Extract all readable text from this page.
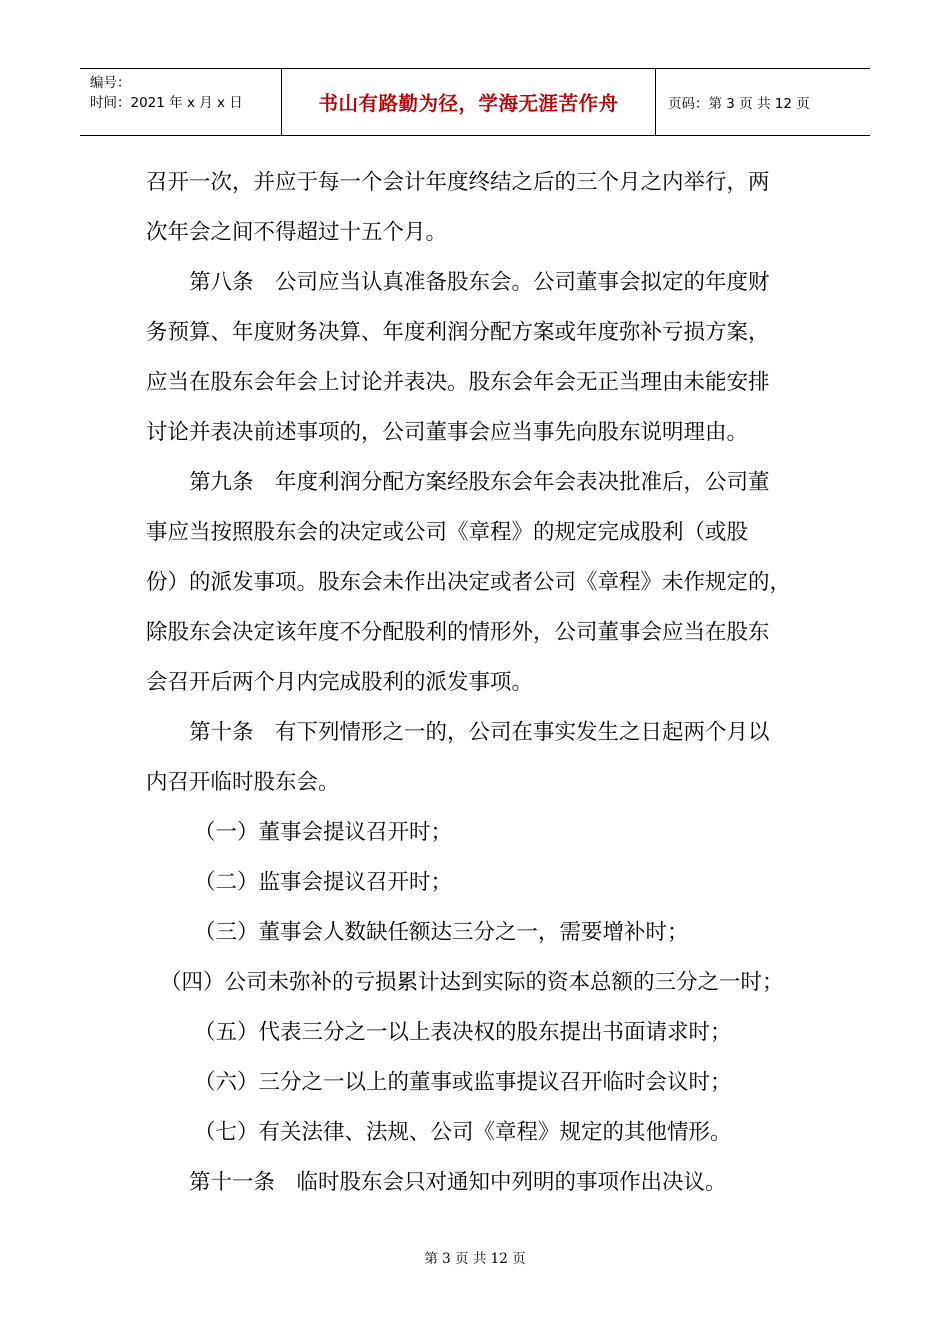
编号：
时间：2021 年 x 月 x 日	书山有路勤为径，学海无涯苦作舟	页码：第 3 页 共 12 页

召开一次，并应于每一个会计年度终结之后的三个月之内举行，两

次年会之间不得超过十五个月。

第八条　公司应当认真准备股东会。公司董事会拟定的年度财

务预算、年度财务决算、年度利润分配方案或年度弥补亏损方案，

应当在股东会年会上讨论并表决。股东会年会无正当理由未能安排

讨论并表决前述事项的，公司董事会应当事先向股东说明理由。

第九条　年度利润分配方案经股东会年会表决批准后，公司董

事应当按照股东会的决定或公司《章程》的规定完成股利（或股

份）的派发事项。股东会未作出决定或者公司《章程》未作规定的，

除股东会决定该年度不分配股利的情形外，公司董事会应当在股东

会召开后两个月内完成股利的派发事项。

第十条　有下列情形之一的，公司在事实发生之日起两个月以

内召开临时股东会。

（一）董事会提议召开时；

（二）监事会提议召开时；

（三）董事会人数缺任额达三分之一，需要增补时；

（四）公司未弥补的亏损累计达到实际的资本总额的三分之一时；

（五）代表三分之一以上表决权的股东提出书面请求时；

（六）三分之一以上的董事或监事提议召开临时会议时；

（七）有关法律、法规、公司《章程》规定的其他情形。

第十一条　临时股东会只对通知中列明的事项作出决议。

第 3 页 共 12 页
